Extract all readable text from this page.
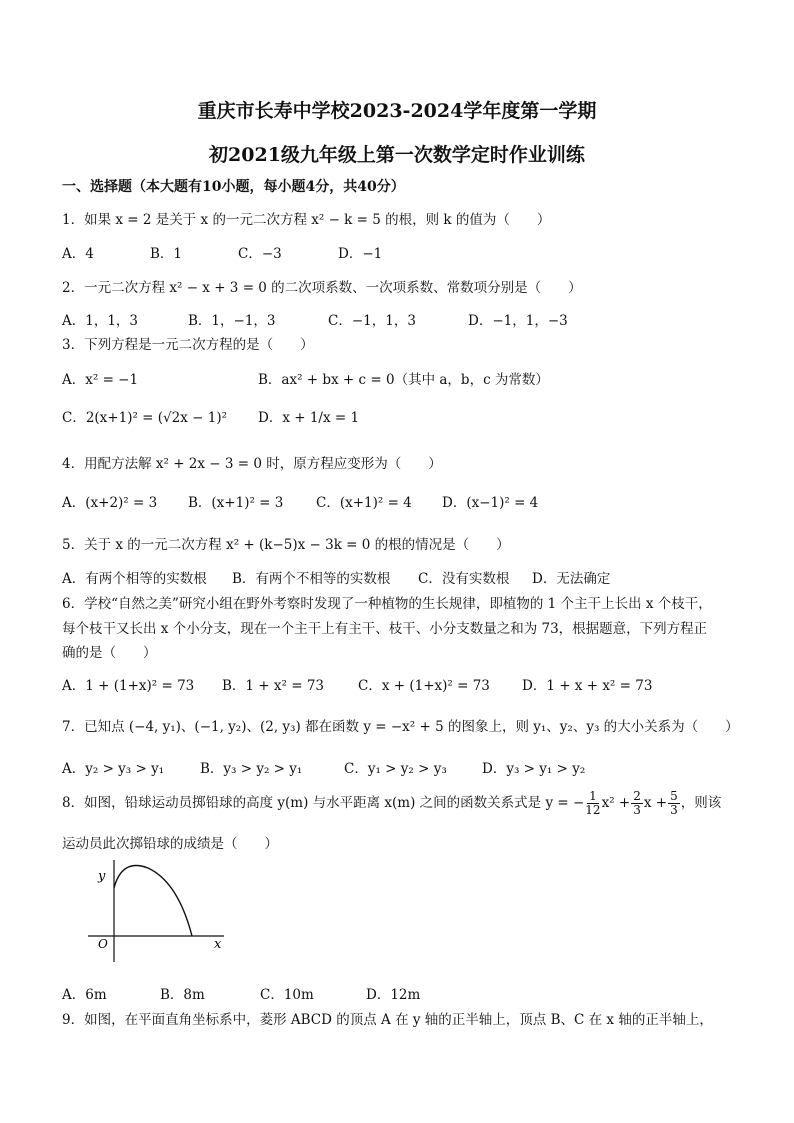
重庆市长寿中学校2023-2024学年度第一学期
初2021级九年级上第一次数学定时作业训练
一、选择题（本大题有10小题，每小题4分，共40分）
1．如果 x = 2 是关于 x 的一元二次方程 x² − k = 5 的根，则 k 的值为（　　）
A．4	B．1	C．−3	D．−1
2．一元二次方程 x² − x + 3 = 0 的二次项系数、一次项系数、常数项分别是（　　）
A．1，1，3	B．1，−1，3	C．−1，1，3	D．−1，1，−3
3．下列方程是一元二次方程的是（　　）
A．x² = −1	B．ax² + bx + c = 0（其中 a，b，c 为常数）
C．2(x+1)² = (√2x − 1)² D．x + 1/x = 1
4．用配方法解 x² + 2x − 3 = 0 时，原方程应变形为（　　）
A．(x+2)² = 3 B．(x+1)² = 3 C．(x+1)² = 4 D．(x−1)² = 4
5．关于 x 的一元二次方程 x² + (k−5)x − 3k = 0 的根的情况是（　　）
A．有两个相等的实数根 B．有两个不相等的实数根 C．没有实数根 D．无法确定
6．学校“自然之美”研究小组在野外考察时发现了一种植物的生长规律，即植物的 1 个主干上长出 x 个枝干，
每个枝干又长出 x 个小分支，现在一个主干上有主干、枝干、小分支数量之和为 73，根据题意，下列方程正
确的是（　　）
A．1 + (1+x)² = 73 B．1 + x² = 73	C．x + (1+x)² = 73 D．1 + x + x² = 73
7．已知点 (−4, y₁)、(−1, y₂)、(2, y₃) 都在函数 y = −x² + 5 的图象上，则 y₁、y₂、y₃ 的大小关系为（　　）
A．y₂ > y₃ > y₁	B．y₃ > y₂ > y₁	C．y₁ > y₂ > y₃	D．y₃ > y₁ > y₂
8．如图，铅球运动员掷铅球的高度 y(m) 与水平距离 x(m) 之间的函数关系式是 y = − $\frac{1}{12} x^2 + \frac{2}{3}$ $x + \frac{5}{3}$ ，则该
运动员此次掷铅球的成绩是（　　）
y
x
O
A．6m	B．8m	C．10m	D．12m
9．如图，在平面直角坐标系中，菱形 ABCD 的顶点 A 在 y 轴的正半轴上，顶点 B、C 在 x 轴的正半轴上，
